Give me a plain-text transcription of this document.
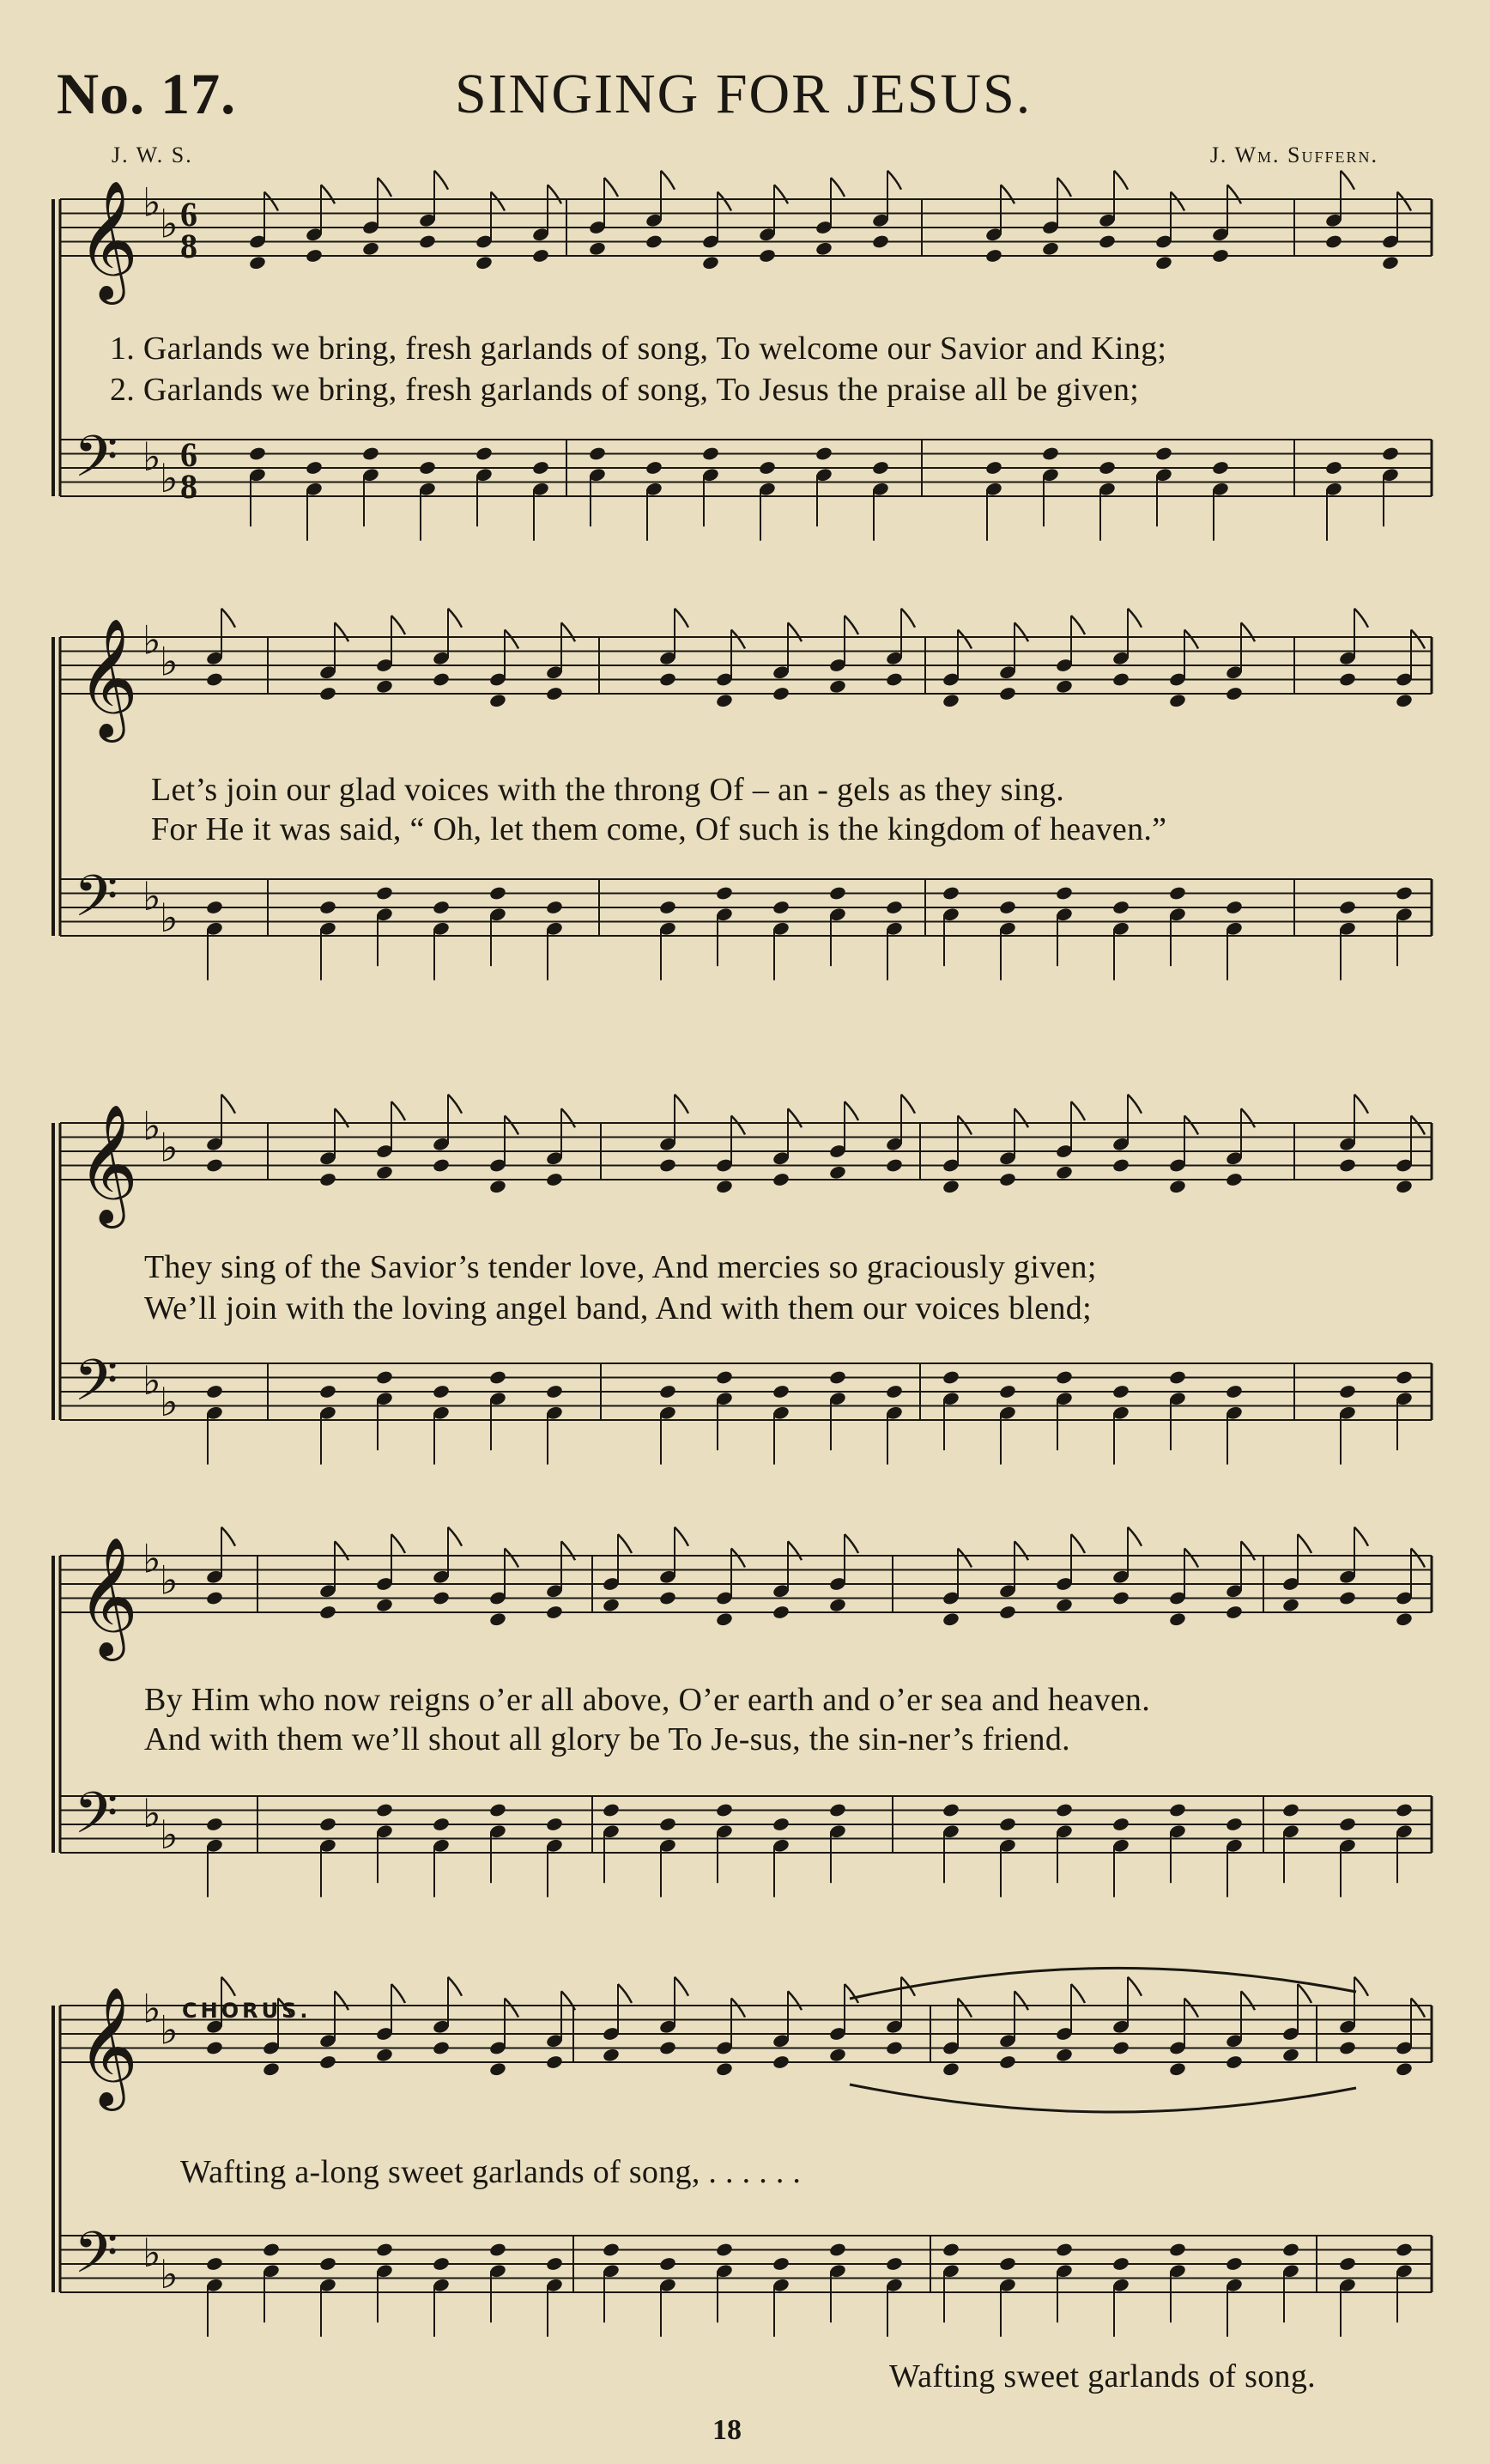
No. 17.	SINGING FOR JESUS.
J. W. S.	J. Wm. Suffern.
𝄞 ♭
♭ 6
8
𝄢 ♭
♭
6
8
𝄞 ♭
♭
𝄢 ♭
♭
𝄞 ♭
♭
𝄢 ♭
♭
𝄞 ♭
♭
𝄢 ♭
♭
𝄞 ♭
♭
𝄢 ♭
♭
1. Garlands we bring, fresh garlands of song, To welcome our Savior and King;
2. Garlands we bring, fresh garlands of song, To Jesus the praise all be given;
Let’s join our glad voices with the throng Of – an - gels as they sing.
For He it was said, “ Oh, let them come, Of such is the kingdom of heaven.”
They sing of the Savior’s tender love, And mercies so graciously given;
We’ll join with the loving angel band, And with them our voices blend;
By Him who now reigns o’er all above, O’er earth and o’er sea and heaven.
And with them we’ll shout all glory be To Je-sus, the sin-ner’s friend.
CHORUS.
Wafting a-long sweet garlands of song, . . . . . .
Wafting sweet garlands of song.
18
